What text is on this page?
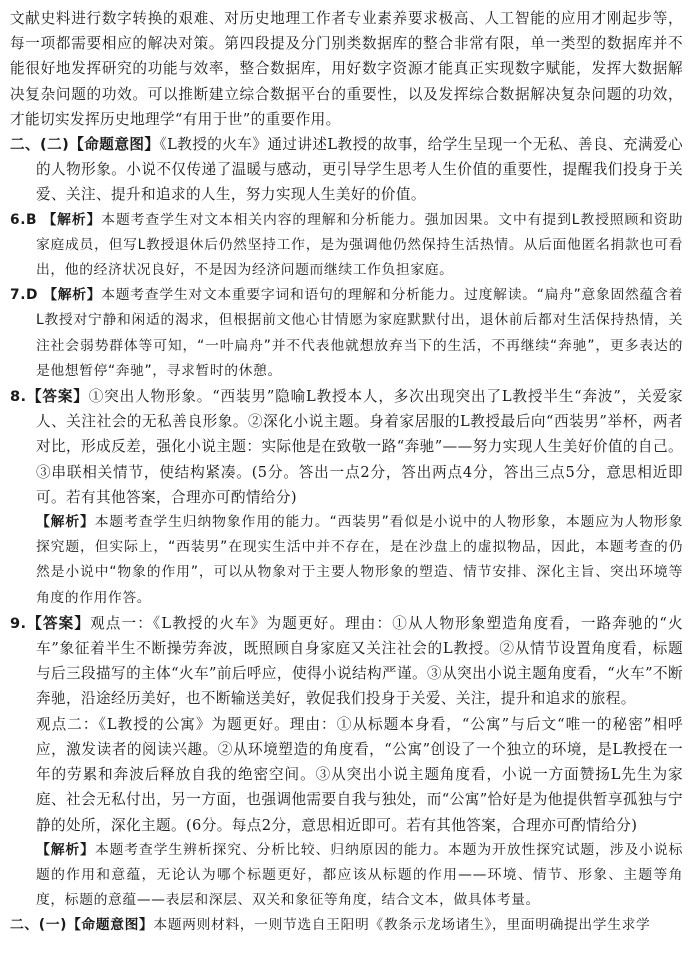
文献史料进行数字转换的艰难、对历史地理工作者专业素养要求极高、人工智能的应用才刚起步等，每一项都需要相应的解决对策。第四段提及分门别类数据库的整合非常有限，单一类型的数据库并不能很好地发挥研究的功能与效率，整合数据库，用好数字资源才能真正实现数字赋能，发挥大数据解决复杂问题的功效。可以推断建立综合数据平台的重要性，以及发挥综合数据解决复杂问题的功效，才能切实发挥历史地理学“有用于世”的重要作用。

二、(二)【命题意图】《L教授的火车》通过讲述L教授的故事，给学生呈现一个无私、善良、充满爱心的人物形象。小说不仅传递了温暖与感动，更引导学生思考人生价值的重要性，提醒我们投身于关爱、关注、提升和追求的人生，努力实现人生美好的价值。

6.B 【解析】本题考查学生对文本相关内容的理解和分析能力。强加因果。文中有提到L教授照顾和资助家庭成员，但写L教授退休后仍然坚持工作，是为强调他仍然保持生活热情。从后面他匿名捐款也可看出，他的经济状况良好，不是因为经济问题而继续工作负担家庭。

7.D 【解析】本题考查学生对文本重要字词和语句的理解和分析能力。过度解读。“扁舟”意象固然蕴含着L教授对宁静和闲适的渴求，但根据前文他心甘情愿为家庭默默付出，退休前后都对生活保持热情，关注社会弱势群体等可知，“一叶扁舟”并不代表他就想放弃当下的生活，不再继续“奔驰”，更多表达的是他想暂停“奔驰”，寻求暂时的休憩。

8.【答案】①突出人物形象。“西装男”隐喻L教授本人，多次出现突出了L教授半生“奔波”，关爱家人、关注社会的无私善良形象。②深化小说主题。身着家居服的L教授最后向“西装男”举杯，两者对比，形成反差，强化小说主题：实际他是在致敬一路“奔驰”——努力实现人生美好价值的自己。③串联相关情节，使结构紧凑。(5分。答出一点2分，答出两点4分，答出三点5分，意思相近即可。若有其他答案，合理亦可酌情给分)

【解析】本题考查学生归纳物象作用的能力。“西装男”看似是小说中的人物形象，本题应为人物形象探究题，但实际上，“西装男”在现实生活中并不存在，是在沙盘上的虚拟物品，因此，本题考查的仍然是小说中“物象的作用”，可以从物象对于主要人物形象的塑造、情节安排、深化主旨、突出环境等角度的作用作答。

9.【答案】观点一：《L教授的火车》为题更好。理由：①从人物形象塑造角度看，一路奔驰的“火车”象征着半生不断操劳奔波，既照顾自身家庭又关注社会的L教授。②从情节设置角度看，标题与后三段描写的主体“火车”前后呼应，使得小说结构严谨。③从突出小说主题角度看，“火车”不断奔驰，沿途经历美好，也不断输送美好，敦促我们投身于关爱、关注，提升和追求的旅程。

观点二：《L教授的公寓》为题更好。理由：①从标题本身看，“公寓”与后文“唯一的秘密”相呼应，激发读者的阅读兴趣。②从环境塑造的角度看，“公寓”创设了一个独立的环境，是L教授在一年的劳累和奔波后释放自我的绝密空间。③从突出小说主题角度看，小说一方面赞扬L先生为家庭、社会无私付出，另一方面，也强调他需要自我与独处，而“公寓”恰好是为他提供暂享孤独与宁静的处所，深化主题。(6分。每点2分，意思相近即可。若有其他答案，合理亦可酌情给分)

【解析】本题考查学生辨析探究、分析比较、归纳原因的能力。本题为开放性探究试题，涉及小说标题的作用和意蕴，无论认为哪个标题更好，都应该从标题的作用——环境、情节、形象、主题等角度，标题的意蕴——表层和深层、双关和象征等角度，结合文本，做具体考量。

二、(一)【命题意图】本题两则材料，一则节选自王阳明《教条示龙场诸生》，里面明确提出学生求学
